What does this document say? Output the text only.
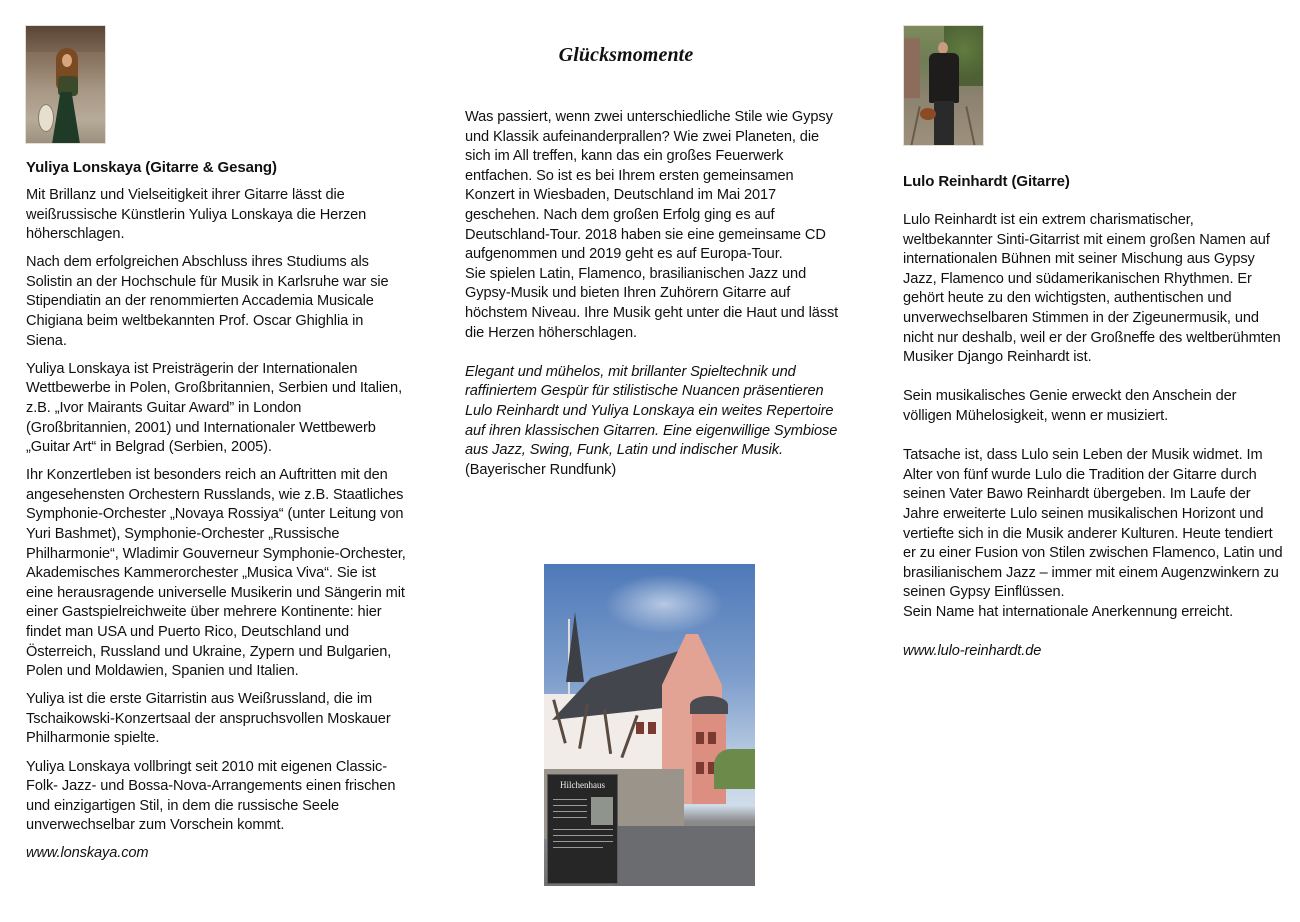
Glücksmomente
Yuliya Lonskaya (Gitarre & Gesang)

Mit Brillanz und Vielseitigkeit ihrer Gitarre lässt die weißrussische Künstlerin Yuliya Lonskaya die Herzen höherschlagen.

Nach dem erfolgreichen Abschluss ihres Studiums als Solistin an der Hochschule für Musik in Karlsruhe war sie Stipendiatin an der renommierten Accademia Musicale Chigiana beim weltbekannten Prof. Oscar Ghighlia in Siena.

Yuliya Lonskaya ist Preisträgerin der Internationalen Wettbewerbe in Polen, Großbritannien, Serbien und Italien, z.B. „Ivor Mairants Guitar Award” in London (Großbritannien, 2001) und Internationaler Wettbewerb „Guitar Art“ in Belgrad (Serbien, 2005).

Ihr Konzertleben ist besonders reich an Auftritten mit den angesehensten Orchestern Russlands, wie z.B. Staatliches Symphonie-Orchester „Novaya Rossiya“ (unter Leitung von Yuri Bashmet), Symphonie-Orchester „Russische Philharmonie“, Wladimir Gouverneur Symphonie-Orchester, Akademisches Kammerorchester „Musica Viva“. Sie ist eine herausragende universelle Musikerin und Sängerin mit einer Gastspielreichweite über mehrere Kontinente: hier findet man USA und Puerto Rico, Deutschland und Österreich, Russland und Ukraine, Zypern und Bulgarien, Polen und Moldawien, Spanien und Italien.

Yuliya ist die erste Gitarristin aus Weißrussland, die im Tschaikowski-Konzertsaal der anspruchsvollen Moskauer Philharmonie spielte.

Yuliya Lonskaya vollbringt seit 2010 mit eigenen Classic-Folk- Jazz- und Bossa-Nova-Arrangements einen frischen und einzigartigen Stil, in dem die russische Seele unverwechselbar zum Vorschein kommt.

www.lonskaya.com

Was passiert, wenn zwei unterschiedliche Stile wie Gypsy und Klassik aufeinanderprallen? Wie zwei Planeten, die sich im All treffen, kann das ein großes Feuerwerk entfachen. So ist es bei Ihrem ersten gemeinsamen Konzert in Wiesbaden, Deutschland im Mai 2017 geschehen. Nach dem großen Erfolg ging es auf Deutschland-Tour. 2018 haben sie eine gemeinsame CD aufgenommen und 2019 geht es auf Europa-Tour.

Sie spielen Latin, Flamenco, brasilianischen Jazz und Gypsy-Musik und bieten Ihren Zuhörern Gitarre auf höchstem Niveau. Ihre Musik geht unter die Haut und lässt die Herzen höherschlagen.

Elegant und mühelos, mit brillanter Spieltechnik und raffiniertem Gespür für stilistische Nuancen präsentieren Lulo Reinhardt und Yuliya Lonskaya ein weites Repertoire auf ihren klassischen Gitarren. Eine eigenwillige Symbiose aus Jazz, Swing, Funk, Latin und indischer Musik.

(Bayerischer Rundfunk)

Hilchenhaus
Lulo Reinhardt (Gitarre)

Lulo Reinhardt ist ein extrem charismatischer, weltbekannter Sinti-Gitarrist mit einem großen Namen auf internationalen Bühnen mit seiner Mischung aus Gypsy Jazz, Flamenco und südamerikanischen Rhythmen. Er gehört heute zu den wichtigsten, authentischen und unverwechselbaren Stimmen in der Zigeunermusik, und nicht nur deshalb, weil er der Großneffe des weltberühmten Musiker Django Reinhardt ist.

Sein musikalisches Genie erweckt den Anschein der völligen Mühelosigkeit, wenn er musiziert.

Tatsache ist, dass Lulo sein Leben der Musik widmet. Im Alter von fünf wurde Lulo die Tradition der Gitarre durch seinen Vater Bawo Reinhardt übergeben. Im Laufe der Jahre erweiterte Lulo seinen musikalischen Horizont und vertiefte sich in die Musik anderer Kulturen. Heute tendiert er zu einer Fusion von Stilen zwischen Flamenco, Latin und brasilianischem Jazz – immer mit einem Augenzwinkern zu seinen Gypsy Einflüssen.

Sein Name hat internationale Anerkennung erreicht.

www.lulo-reinhardt.de
